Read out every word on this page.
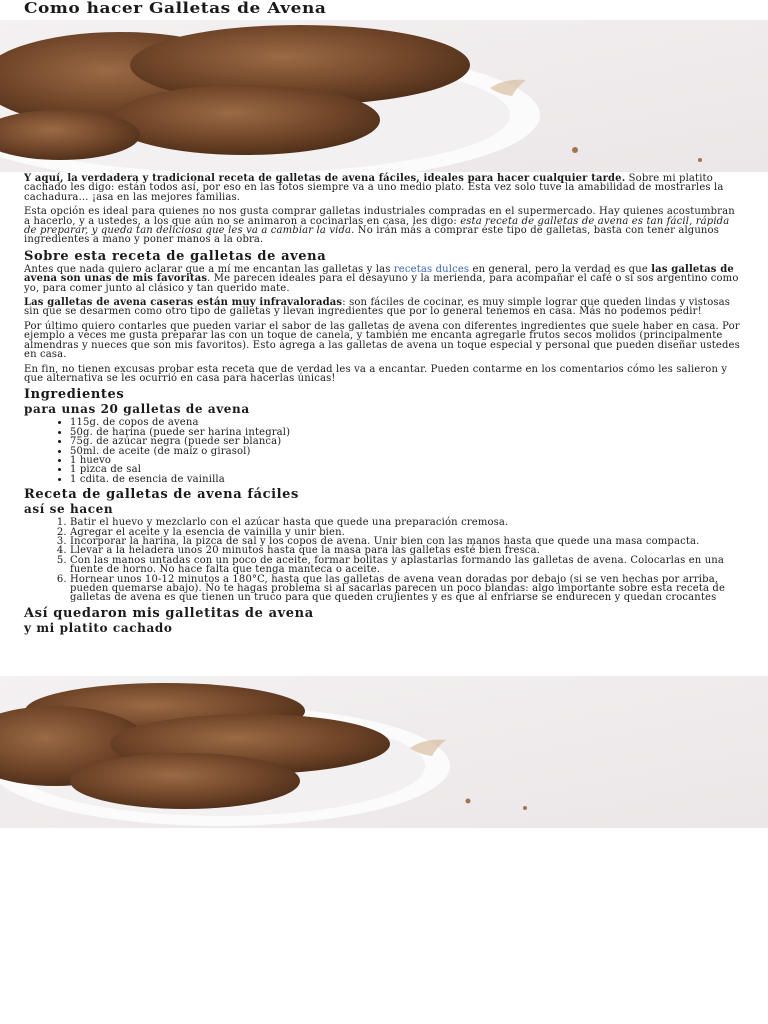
Como hacer Galletas de Avena

Y aquí, la verdadera y tradicional receta de galletas de avena fáciles, ideales para hacer cualquier tarde. Sobre mi platito cachado les digo: están todos así, por eso en las fotos siempre va a uno medio plato. Esta vez solo tuve la amabilidad de mostrarles la cachadura… ¡asa en las mejores familias.

Esta opción es ideal para quienes no nos gusta comprar galletas industriales compradas en el supermercado. Hay quienes acostumbran a hacerlo, y a ustedes, a los que aún no se animaron a cocinarlas en casa, les digo: esta receta de galletas de avena es tan fácil, rápida de preparar, y queda tan deliciosa que les va a cambiar la vida. No irán más a comprar éste tipo de galletas, basta con tener algunos ingredientes a mano y poner manos a la obra.

Sobre esta receta de galletas de avena

Antes que nada quiero aclarar que a mí me encantan las galletas y las recetas dulces en general, pero la verdad es que las galletas de avena son unas de mis favoritas. Me parecen ideales para el desayuno y la merienda, para acompañar el café o si sos argentino como yo, para comer junto al clásico y tan querido mate.

Las galletas de avena caseras están muy infravaloradas: son fáciles de cocinar, es muy simple lograr que queden lindas y vistosas sin que se desarmen como otro tipo de galletas y llevan ingredientes que por lo general tenemos en casa. Más no podemos pedir!

Por último quiero contarles que pueden variar el sabor de las galletas de avena con diferentes ingredientes que suele haber en casa. Por ejemplo a veces me gusta preparar las con un toque de canela, y también me encanta agregarle frutos secos molidos (principalmente almendras y nueces que son mis favoritos). Esto agrega a las galletas de avena un toque especial y personal que pueden diseñar ustedes en casa.

En fin, no tienen excusas probar esta receta que de verdad les va a encantar. Pueden contarme en los comentarios cómo les salieron y que alternativa se les ocurrió en casa para hacerlas únicas!

Ingredientes
para unas 20 galletas de avena
• 115g. de copos de avena
• 50g. de harina (puede ser harina integral)
• 75g. de azúcar negra (puede ser blanca)
• 50ml. de aceite (de maíz o girasol)
• 1 huevo
• 1 pizca de sal
• 1 cdita. de esencia de vainilla
Receta de galletas de avena fáciles
así se hacen
1. Batir el huevo y mezclarlo con el azúcar hasta que quede una preparación cremosa.
2. Agregar el aceite y la esencia de vainilla y unir bien.
3. Incorporar la harina, la pizca de sal y los copos de avena. Unir bien con las manos hasta que quede una masa compacta.
4. Llevar a la heladera unos 20 minutos hasta que la masa para las galletas esté bien fresca.
5. Con las manos untadas con un poco de aceite, formar bolitas y aplastarlas formando las galletas de avena. Colocarlas en una fuente de horno. No hace falta que tenga manteca o aceite.
6. Hornear unos 10-12 minutos a 180°C, hasta que las galletas de avena vean doradas por debajo (si se ven hechas por arriba, pueden quemarse abajo). No te hagas problema si al sacarlas parecen un poco blandas: algo importante sobre esta receta de galletas de avena es que tienen un truco para que queden crujientes y es que al enfriarse se endurecen y quedan crocantes
Así quedaron mis galletitas de avena
y mi platito cachado
